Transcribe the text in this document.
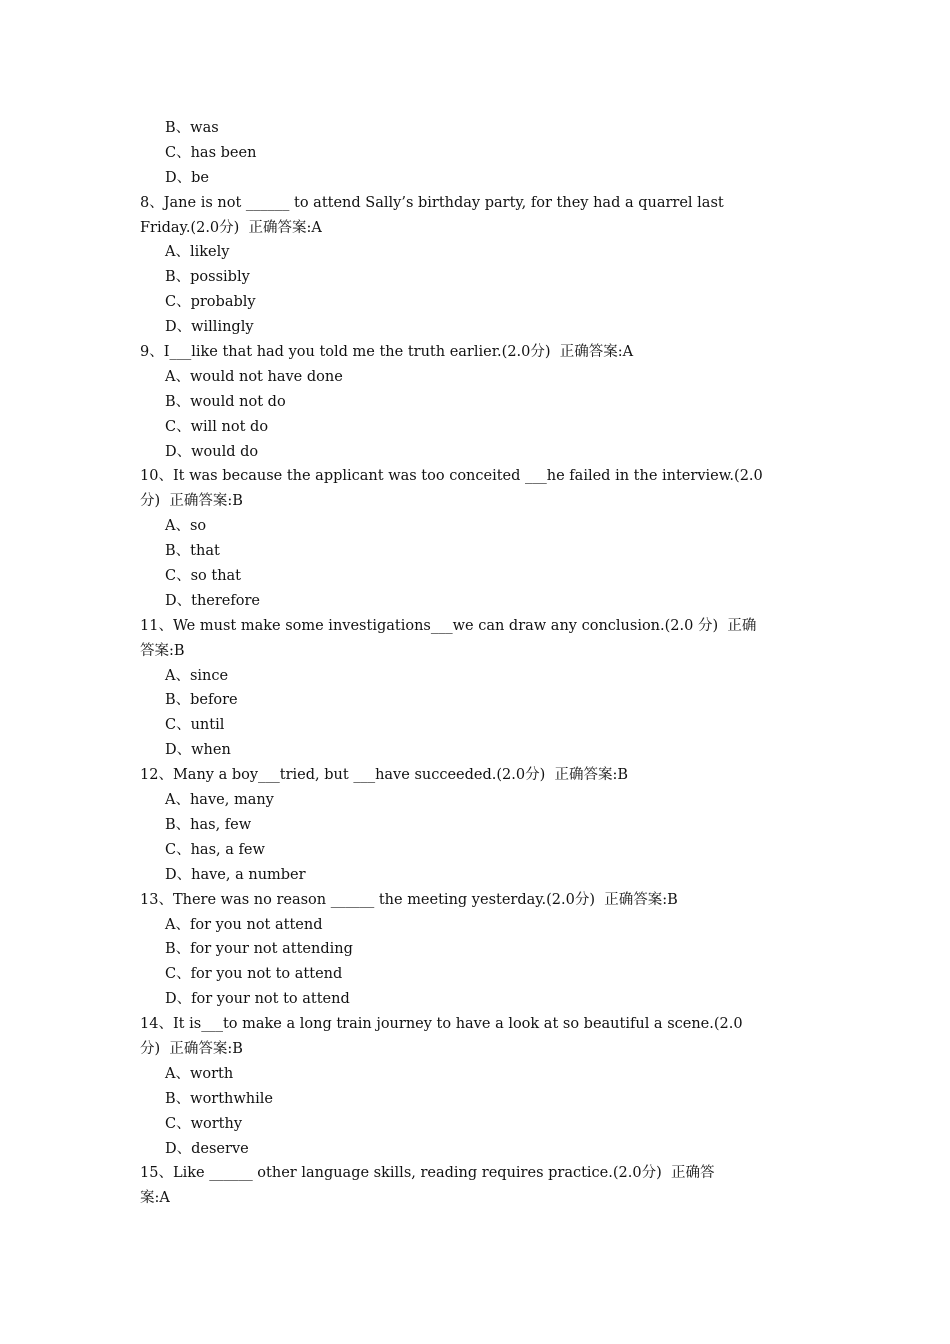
B、was
C、has been
D、be
8、Jane is not ______ to attend Sally’s birthday party, for they had a quarrel last
Friday.(2.0分)  正确答案:A
A、likely
B、possibly
C、probably
D、willingly
9、I___like that had you told me the truth earlier.(2.0分)  正确答案:A
A、would not have done
B、would not do
C、will not do
D、would do
10、It was because the applicant was too conceited ___he failed in the interview.(2.0
分)  正确答案:B
A、so
B、that
C、so that
D、therefore
11、We must make some investigations___we can draw any conclusion.(2.0 分)  正确
答案:B
A、since
B、before
C、until
D、when
12、Many a boy___tried, but ___have succeeded.(2.0分)  正确答案:B
A、have, many
B、has, few
C、has, a few
D、have, a number
13、There was no reason ______ the meeting yesterday.(2.0分)  正确答案:B
A、for you not attend
B、for your not attending
C、for you not to attend
D、for your not to attend
14、It is___to make a long train journey to have a look at so beautiful a scene.(2.0
分)  正确答案:B
A、worth
B、worthwhile
C、worthy
D、deserve
15、Like ______ other language skills, reading requires practice.(2.0分)  正确答
案:A
